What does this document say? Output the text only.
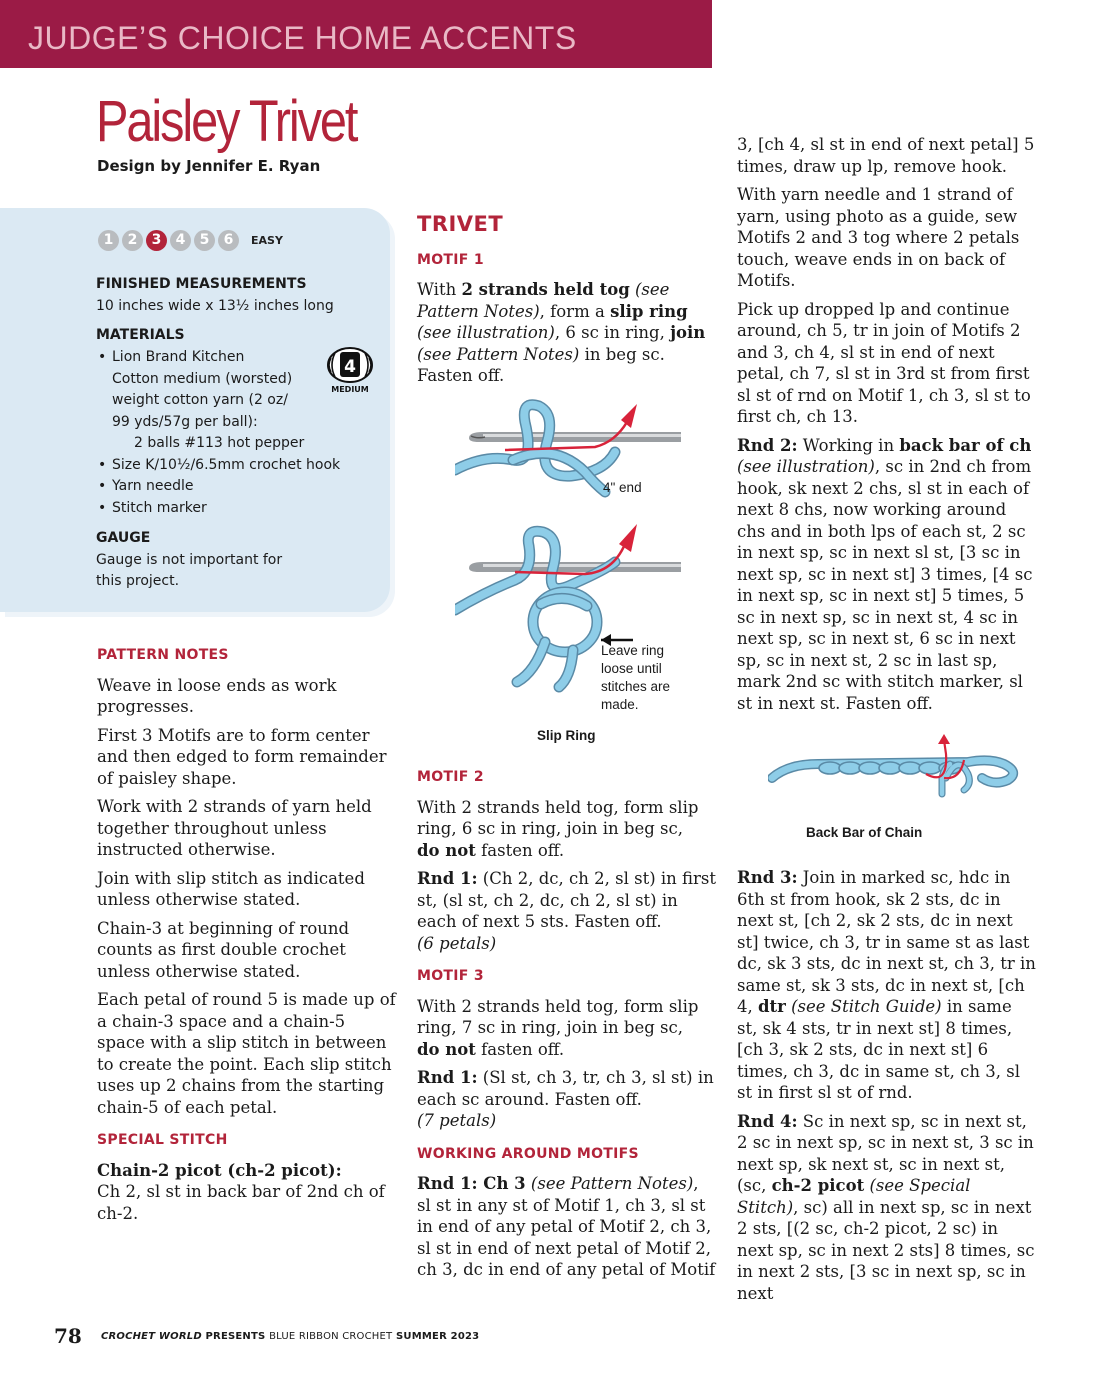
JUDGE’S CHOICE HOME ACCENTS
Paisley Trivet
Design by Jennifer E. Ryan
1	2	3	4	5	6	EASY
FINISHED MEASUREMENTS
10 inches wide x 13½ inches long
MATERIALS
• Lion Brand Kitchen
Cotton medium (worsted)
weight cotton yarn (2 oz/
99 yds/57g per ball):
2 balls #113 hot pepper
• Size K/10½/6.5mm crochet hook
• Yarn needle
• Stitch marker
4
MEDIUM
GAUGE
Gauge is not important for
this project.
PATTERN NOTES

Weave in loose ends as work progresses.

First 3 Motifs are to form center and then edged to form remainder of paisley shape.

Work with 2 strands of yarn held together throughout unless instructed otherwise.

Join with slip stitch as indicated unless otherwise stated.

Chain-3 at beginning of round counts as first double crochet unless otherwise stated.

Each petal of round 5 is made up of a chain-3 space and a chain-5 space with a slip stitch in between to create the point. Each slip stitch uses up 2 chains from the starting chain-5 of each petal.

SPECIAL STITCH

Chain-2 picot (ch-2 picot):
Ch 2, sl st in back bar of 2nd ch of ch-2.

TRIVET
MOTIF 1

With 2 strands held tog (see Pattern Notes), form a slip ring (see illustration), 6 sc in ring, join (see Pattern Notes) in beg sc. Fasten off.

4" end
Leave ring loose until stitches are made.
Slip Ring
MOTIF 2

With 2 strands held tog, form slip ring, 6 sc in ring, join in beg sc,
do not fasten off.

Rnd 1: (Ch 2, dc, ch 2, sl st) in first st, (sl st, ch 2, dc, ch 2, sl st) in each of next 5 sts. Fasten off.
(6 petals)

MOTIF 3

With 2 strands held tog, form slip ring, 7 sc in ring, join in beg sc,
do not fasten off.

Rnd 1: (Sl st, ch 3, tr, ch 3, sl st) in each sc around. Fasten off.
(7 petals)

WORKING AROUND MOTIFS

Rnd 1: Ch 3 (see Pattern Notes), sl st in any st of Motif 1, ch 3, sl st in end of any petal of Motif 2, ch 3, sl st in end of next petal of Motif 2, ch 3, dc in end of any petal of Motif

3, [ch 4, sl st in end of next petal] 5 times, draw up lp, remove hook.

With yarn needle and 1 strand of yarn, using photo as a guide, sew Motifs 2 and 3 tog where 2 petals touch, weave ends in on back of Motifs.

Pick up dropped lp and continue around, ch 5, tr in join of Motifs 2 and 3, ch 4, sl st in end of next petal, ch 7, sl st in 3rd st from first sl st of rnd on Motif 1, ch 3, sl st to first ch, ch 13.

Rnd 2: Working in back bar of ch (see illustration), sc in 2nd ch from hook, sk next 2 chs, sl st in each of next 8 chs, now working around chs and in both lps of each st, 2 sc in next sp, sc in next sl st, [3 sc in next sp, sc in next st] 3 times, [4 sc in next sp, sc in next st] 5 times, 5 sc in next sp, sc in next st, 4 sc in next sp, sc in next st, 6 sc in next sp, sc in next st, 2 sc in last sp, mark 2nd sc with stitch marker, sl st in next st. Fasten off.

Back Bar of Chain

Rnd 3: Join in marked sc, hdc in 6th st from hook, sk 2 sts, dc in next st, [ch 2, sk 2 sts, dc in next st] twice, ch 3, tr in same st as last dc, sk 3 sts, dc in next st, ch 3, tr in same st, sk 3 sts, dc in next st, [ch 4, dtr (see Stitch Guide) in same st, sk 4 sts, tr in next st] 8 times, [ch 3, sk 2 sts, dc in next st] 6 times, ch 3, dc in same st, ch 3, sl st in first sl st of rnd.

Rnd 4: Sc in next sp, sc in next st, 2 sc in next sp, sc in next st, 3 sc in next sp, sk next st, sc in next st, (sc, ch-2 picot (see Special Stitch), sc) all in next sp, sc in next 2 sts, [(2 sc, ch-2 picot, 2 sc) in next sp, sc in next 2 sts] 8 times, sc in next 2 sts, [3 sc in next sp, sc in next

78 CROCHET WORLD PRESENTS BLUE RIBBON CROCHET SUMMER 2023
